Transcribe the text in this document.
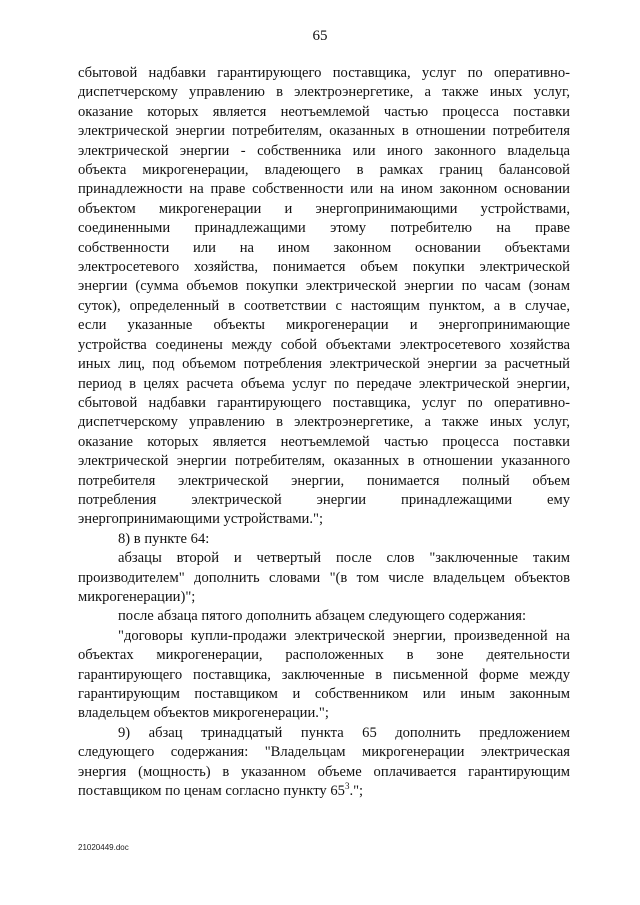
65
сбытовой надбавки гарантирующего поставщика, услуг по оперативно-
диспетчерскому управлению в электроэнергетике, а также иных услуг,
оказание которых является неотъемлемой частью процесса поставки
электрической энергии потребителям, оказанных в отношении потребителя
электрической энергии - собственника или иного законного владельца
объекта микрогенерации, владеющего в рамках границ балансовой
принадлежности на праве собственности или на ином законном основании
объектом микрогенерации и энергопринимающими устройствами,
соединенными принадлежащими этому потребителю на праве
собственности или на ином законном основании объектами
электросетевого хозяйства, понимается объем покупки электрической
энергии (сумма объемов покупки электрической энергии по часам (зонам
суток), определенный в соответствии с настоящим пунктом, а в случае,
если указанные объекты микрогенерации и энергопринимающие
устройства соединены между собой объектами электросетевого хозяйства
иных лиц, под объемом потребления электрической энергии за расчетный
период в целях расчета объема услуг по передаче электрической энергии,
сбытовой надбавки гарантирующего поставщика, услуг по оперативно-
диспетчерскому управлению в электроэнергетике, а также иных услуг,
оказание которых является неотъемлемой частью процесса поставки
электрической энергии потребителям, оказанных в отношении указанного
потребителя электрической энергии, понимается полный объем
потребления электрической энергии принадлежащими ему
энергопринимающими устройствами.";
8) в пункте 64:
абзацы второй и четвертый после слов "заключенные таким
производителем" дополнить словами "(в том числе владельцем объектов
микрогенерации)";
после абзаца пятого дополнить абзацем следующего содержания:
"договоры купли-продажи электрической энергии, произведенной на
объектах микрогенерации, расположенных в зоне деятельности
гарантирующего поставщика, заключенные в письменной форме между
гарантирующим поставщиком и собственником или иным законным
владельцем объектов микрогенерации.";
9) абзац тринадцатый пункта 65 дополнить предложением
следующего содержания: "Владельцам микрогенерации электрическая
энергия (мощность) в указанном объеме оплачивается гарантирующим
поставщиком по ценам согласно пункту $65^3$.";
21020449.doc
